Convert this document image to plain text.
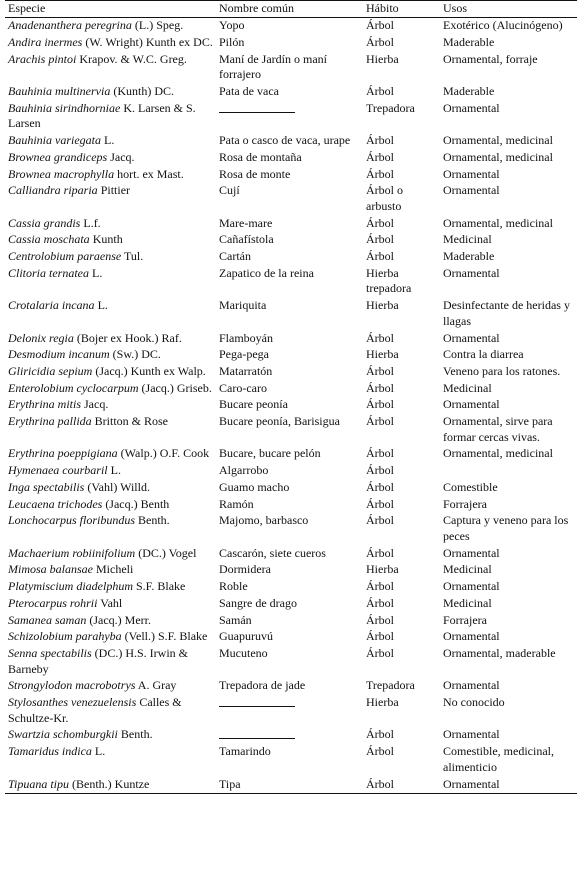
Especie	Nombre común	Hábito	Usos
Anadenanthera peregrina (L.) Speg.	Yopo	Árbol	Exotérico (Alucinógeno)
Andira inermes (W. Wright) Kunth ex DC.	Pilón	Árbol	Maderable
Arachis pintoi Krapov. & W.C. Greg.	Maní de Jardín o maní forrajero	Hierba	Ornamental, forraje
Bauhinia multinervia (Kunth) DC.	Pata de vaca	Árbol	Maderable
Bauhinia sirindhorniae K. Larsen & S. Larsen		Trepadora	Ornamental
Bauhinia variegata L.	Pata o casco de vaca, urape	Árbol	Ornamental, medicinal
Brownea grandiceps Jacq.	Rosa de montaña	Árbol	Ornamental, medicinal
Brownea macrophylla hort. ex Mast.	Rosa de monte	Árbol	Ornamental
Calliandra riparia Pittier	Cují	Árbol o arbusto	Ornamental
Cassia grandis L.f.	Mare-mare	Árbol	Ornamental, medicinal
Cassia moschata Kunth	Cañafístola	Árbol	Medicinal
Centrolobium paraense Tul.	Cartán	Árbol	Maderable
Clitoria ternatea L.	Zapatico de la reina	Hierba trepadora	Ornamental
Crotalaria incana L.	Mariquita	Hierba	Desinfectante de heridas y llagas
Delonix regia (Bojer ex Hook.) Raf.	Flamboyán	Árbol	Ornamental
Desmodium incanum (Sw.) DC.	Pega-pega	Hierba	Contra la diarrea
Gliricidia sepium (Jacq.) Kunth ex Walp.	Matarratón	Árbol	Veneno para los ratones.
Enterolobium cyclocarpum (Jacq.) Griseb.	Caro-caro	Árbol	Medicinal
Erythrina mitis Jacq.	Bucare peonía	Árbol	Ornamental
Erythrina pallida Britton & Rose	Bucare peonía, Barisigua	Árbol	Ornamental, sirve para formar cercas vivas.
Erythrina poeppigiana (Walp.) O.F. Cook	Bucare, bucare pelón	Árbol	Ornamental, medicinal
Hymenaea courbaril L.	Algarrobo	Árbol	
Inga spectabilis (Vahl) Willd.	Guamo macho	Árbol	Comestible
Leucaena trichodes (Jacq.) Benth	Ramón	Árbol	Forrajera
Lonchocarpus floribundus Benth.	Majomo, barbasco	Árbol	Captura y veneno para los peces
Machaerium robiinifolium (DC.) Vogel	Cascarón, siete cueros	Árbol	Ornamental
Mimosa balansae Micheli	Dormidera	Hierba	Medicinal
Platymiscium diadelphum S.F. Blake	Roble	Árbol	Ornamental
Pterocarpus rohrii Vahl	Sangre de drago	Árbol	Medicinal
Samanea saman (Jacq.) Merr.	Samán	Árbol	Forrajera
Schizolobium parahyba (Vell.) S.F. Blake	Guapuruvú	Árbol	Ornamental
Senna spectabilis (DC.) H.S. Irwin & Barneby	Mucuteno	Árbol	Ornamental, maderable
Strongylodon macrobotrys A. Gray	Trepadora de jade	Trepadora	Ornamental
Stylosanthes venezuelensis Calles & Schultze-Kr.		Hierba	No conocido
Swartzia schomburgkii Benth.		Árbol	Ornamental
Tamaridus indica L.	Tamarindo	Árbol	Comestible, medicinal, alimenticio
Tipuana tipu (Benth.) Kuntze	Tipa	Árbol	Ornamental
